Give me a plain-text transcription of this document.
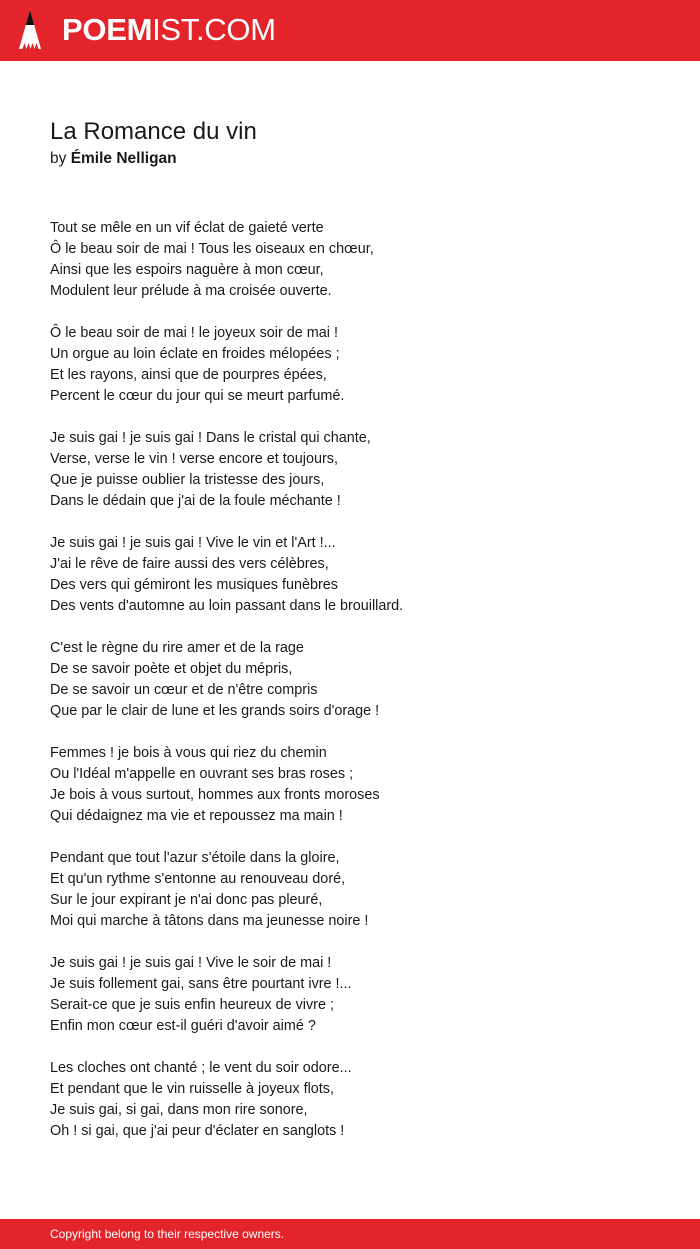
POEMIST.COM
La Romance du vin
by Émile Nelligan
Tout se mêle en un vif éclat de gaieté verte
Ô le beau soir de mai ! Tous les oiseaux en chœur,
Ainsi que les espoirs naguère à mon cœur,
Modulent leur prélude à ma croisée ouverte.
Ô le beau soir de mai ! le joyeux soir de mai !
Un orgue au loin éclate en froides mélopées ;
Et les rayons, ainsi que de pourpres épées,
Percent le cœur du jour qui se meurt parfumé.
Je suis gai ! je suis gai ! Dans le cristal qui chante,
Verse, verse le vin ! verse encore et toujours,
Que je puisse oublier la tristesse des jours,
Dans le dédain que j'ai de la foule méchante !
Je suis gai ! je suis gai ! Vive le vin et l'Art !...
J'ai le rêve de faire aussi des vers célèbres,
Des vers qui gémiront les musiques funèbres
Des vents d'automne au loin passant dans le brouillard.
C'est le règne du rire amer et de la rage
De se savoir poète et objet du mépris,
De se savoir un cœur et de n'être compris
Que par le clair de lune et les grands soirs d'orage !
Femmes ! je bois à vous qui riez du chemin
Ou l'Idéal m'appelle en ouvrant ses bras roses ;
Je bois à vous surtout, hommes aux fronts moroses
Qui dédaignez ma vie et repoussez ma main !
Pendant que tout l'azur s'étoile dans la gloire,
Et qu'un rythme s'entonne au renouveau doré,
Sur le jour expirant je n'ai donc pas pleuré,
Moi qui marche à tâtons dans ma jeunesse noire !
Je suis gai ! je suis gai ! Vive le soir de mai !
Je suis follement gai, sans être pourtant ivre !...
Serait-ce que je suis enfin heureux de vivre ;
Enfin mon cœur est-il guéri d'avoir aimé ?
Les cloches ont chanté ; le vent du soir odore...
Et pendant que le vin ruisselle à joyeux flots,
Je suis gai, si gai, dans mon rire sonore,
Oh ! si gai, que j'ai peur d'éclater en sanglots !
Copyright belong to their respective owners.
